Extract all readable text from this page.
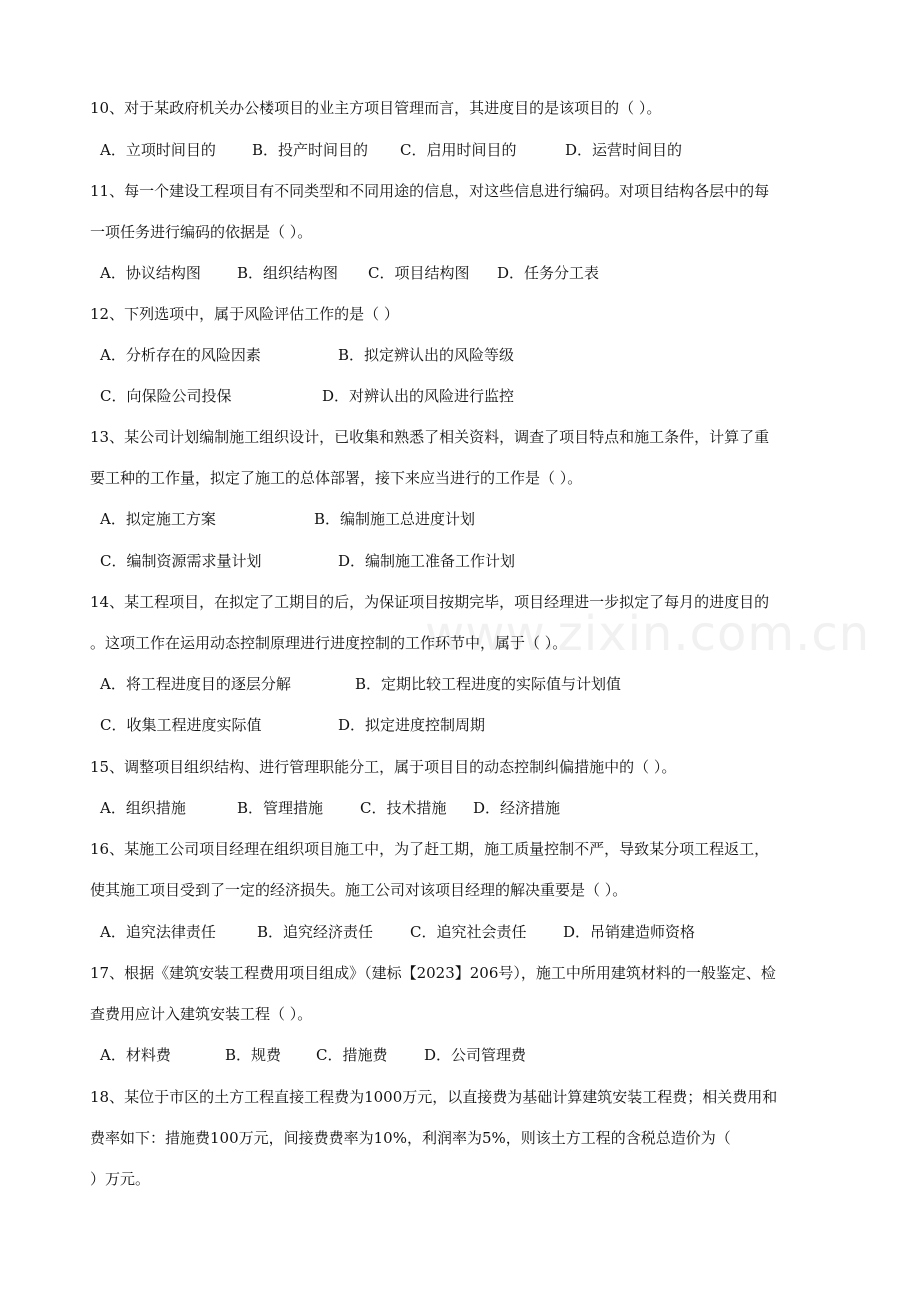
www.zixin.com.cn
10、对于某政府机关办公楼项目的业主方项目管理而言，其进度目的是该项目的（ ）。
A．立项时间目的 B．投产时间目的 C．启用时间目的	D．运营时间目的
11、每一个建设工程项目有不同类型和不同用途的信息，对这些信息进行编码。对项目结构各层中的每
一项任务进行编码的依据是（ ）。
A．协议结构图 B．组织结构图 C．项目结构图 D．任务分工表
12、下列选项中，属于风险评估工作的是（ ）
A．分析存在的风险因素	B．拟定辨认出的风险等级
C．向保险公司投保	D．对辨认出的风险进行监控
13、某公司计划编制施工组织设计，已收集和熟悉了相关资料，调查了项目特点和施工条件，计算了重
要工种的工作量，拟定了施工的总体部署，接下来应当进行的工作是（ ）。
A．拟定施工方案	B．编制施工总进度计划
C．编制资源需求量计划	D．编制施工准备工作计划
14、某工程项目，在拟定了工期目的后，为保证项目按期完毕，项目经理进一步拟定了每月的进度目的
。这项工作在运用动态控制原理进行进度控制的工作环节中，属于（ ）。
A．将工程进度目的逐层分解	B．定期比较工程进度的实际值与计划值
C．收集工程进度实际值	D．拟定进度控制周期
15、调整项目组织结构、进行管理职能分工，属于项目目的动态控制纠偏措施中的（ ）。
A．组织措施	B．管理措施 C．技术措施 D．经济措施
16、某施工公司项目经理在组织项目施工中，为了赶工期，施工质量控制不严，导致某分项工程返工，
使其施工项目受到了一定的经济损失。施工公司对该项目经理的解决重要是（ ）。
A．追究法律责任	B．追究经济责任 C．追究社会责任 D．吊销建造师资格
17、根据《建筑安装工程费用项目组成》（建标【2023】206号），施工中所用建筑材料的一般鉴定、检
查费用应计入建筑安装工程（ ）。
A．材料费	B．规费 C．措施费 D．公司管理费
18、某位于市区的土方工程直接工程费为1000万元，以直接费为基础计算建筑安装工程费；相关费用和
费率如下：措施费100万元，间接费费率为10%，利润率为5%，则该土方工程的含税总造价为（
）万元。
